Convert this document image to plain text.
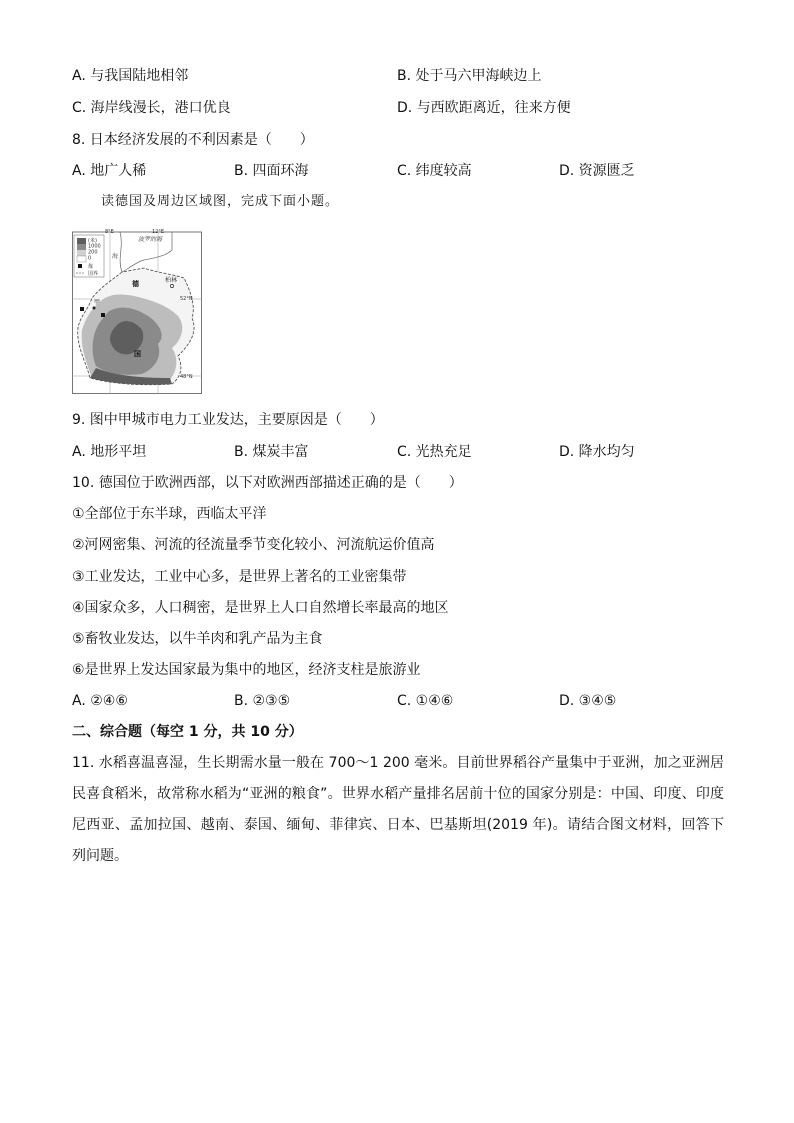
A. 与我国陆地相邻	B. 处于马六甲海峡边上
C. 海岸线漫长，港口优良	D. 与西欧距离近，往来方便
8. 日本经济发展的不利因素是（　　）
A. 地广人稀	B. 四面环海	C. 纬度较高	D. 资源匮乏
读德国及周边区域图，完成下面小题。
(米)
1000
200
0
煤
国界
8°E	12°E
52°N
48°N
波罗的海
海
柏林
德
国
甲
9. 图中甲城市电力工业发达，主要原因是（　　）
A. 地形平坦	B. 煤炭丰富	C. 光热充足	D. 降水均匀
10. 德国位于欧洲西部，以下对欧洲西部描述正确的是（　　）
①全部位于东半球，西临太平洋
②河网密集、河流的径流量季节变化较小、河流航运价值高
③工业发达，工业中心多，是世界上著名的工业密集带
④国家众多，人口稠密，是世界上人口自然增长率最高的地区
⑤畜牧业发达，以牛羊肉和乳产品为主食
⑥是世界上发达国家最为集中的地区，经济支柱是旅游业
A. ②④⑥	B. ②③⑤	C. ①④⑥	D. ③④⑤
二、综合题（每空 1 分，共 10 分）
11. 水稻喜温喜湿，生长期需水量一般在 700～1 200 毫米。目前世界稻谷产量集中于亚洲，加之亚洲居民喜食稻米，故常称水稻为“亚洲的粮食”。世界水稻产量排名居前十位的国家分别是：中国、印度、印度尼西亚、孟加拉国、越南、泰国、缅甸、菲律宾、日本、巴基斯坦(2019 年)。请结合图文材料，回答下列问题。
